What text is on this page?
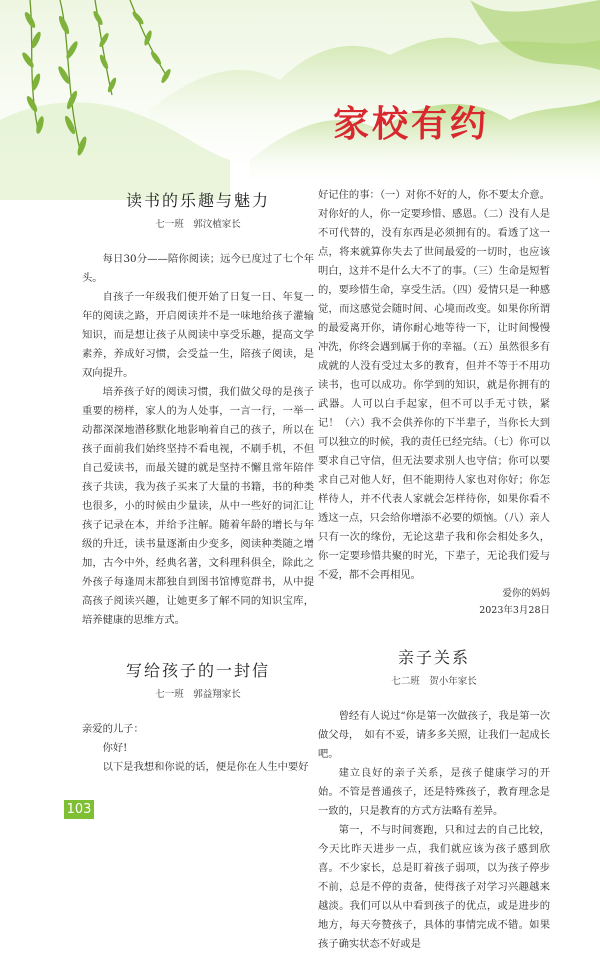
家校有约
读书的乐趣与魅力
七一班　郭汶植家长

每日30分——陪你阅读；远今已度过了七个年头。

自孩子一年级我们便开始了日复一日、年复一年的阅读之路，开启阅读并不是一味地给孩子灌输知识，而是想让孩子从阅读中享受乐趣，提高文学素养，养成好习惯，会受益一生，陪孩子阅读，是双向提升。

培养孩子好的阅读习惯，我们做父母的是孩子重要的榜样，家人的为人处事，一言一行，一举一动都深深地潜移默化地影响着自己的孩子，所以在孩子面前我们始终坚持不看电视，不刷手机，不但自己爱读书，而最关键的就是坚持不懈且常年陪伴孩子共读，我为孩子买来了大量的书籍，书的种类也很多，小的时候由少量读，从中一些好的词汇让孩子记录在本，并给予注解。随着年龄的增长与年级的升迁，读书量逐渐由少变多，阅读种类随之增加，古今中外，经典名著，文科理科俱全，除此之外孩子每逢周末都独自到图书馆博览群书，从中提高孩子阅读兴趣，让她更多了解不同的知识宝库，培养健康的思维方式。

写给孩子的一封信
七一班　郭益翔家长

亲爱的儿子：

你好!

以下是我想和你说的话，便是你在人生中要好

好记住的事：（一）对你不好的人，你不要太介意。对你好的人，你一定要珍惜、感恩。（二）没有人是不可代替的，没有东西是必须拥有的。看透了这一点，将来就算你失去了世间最爱的一切时，也应该明白，这并不是什么大不了的事。（三）生命是短暂的，要珍惜生命，享受生活。（四）爱情只是一种感觉，而这感觉会随时间、心境而改变。如果你所谓的最爱离开你，请你耐心地等待一下，让时间慢慢冲洗，你终会遇到属于你的幸福。（五）虽然很多有成就的人没有受过太多的教育，但并不等于不用功读书，也可以成功。你学到的知识，就是你拥有的武器。人可以白手起家，但不可以手无寸铁，紧记！（六）我不会供养你的下半辈子，当你长大到可以独立的时候，我的责任已经完结。（七）你可以要求自己守信，但无法要求别人也守信；你可以要求自己对他人好，但不能期待人家也对你好；你怎样待人，并不代表人家就会怎样待你，如果你看不透这一点，只会给你增添不必要的烦恼。（八）亲人只有一次的缘份，无论这辈子我和你会相处多久，你一定要珍惜共聚的时光，下辈子，无论我们爱与不爱，都不会再相见。

爱你的妈妈
2023年3月28日
亲子关系
七二班　贺小年家长

曾经有人说过“你是第一次做孩子，我是第一次做父母，　如有不妥，请多多关照，让我们一起成长吧。

建立良好的亲子关系，是孩子健康学习的开始。不管是普通孩子，还是特殊孩子，教育理念是一致的，只是教育的方式方法略有差异。

第一，不与时间赛跑，只和过去的自己比较，今天比昨天进步一点，我们就应该为孩子感到欣喜。不少家长，总是盯着孩子弱项，以为孩子停步不前，总是不停的责备，使得孩子对学习兴趣越来越淡。我们可以从中看到孩子的优点，或是进步的地方，每天夸赞孩子，具体的事情完成不错。如果孩子确实状态不好或是

103
